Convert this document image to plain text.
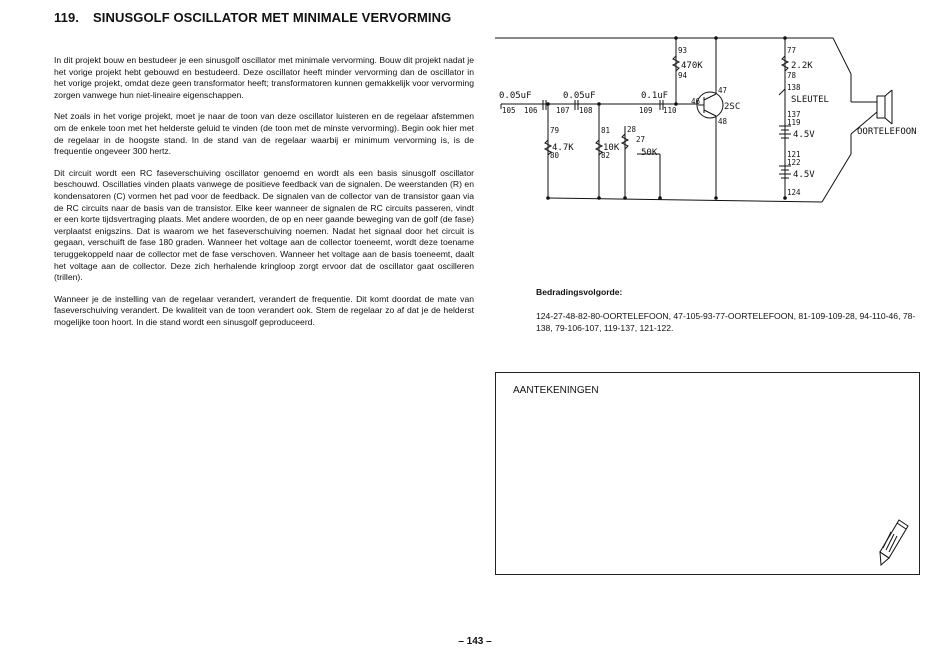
119. SINUSGOLF OSCILLATOR MET MINIMALE VERVORMING

In dit projekt bouw en bestudeer je een sinusgolf oscillator met minimale vervorming. Bouw dit projekt nadat je het vorige projekt hebt gebouwd en bestudeerd. Deze oscillator heeft minder vervorming dan de oscillator in het vorige projekt, omdat deze geen transformator heeft; transformatoren kunnen gemakkelijk voor vervorming zorgen vanwege hun niet-lineaire eigenschappen.

Net zoals in het vorige projekt, moet je naar de toon van deze oscillator luisteren en de regelaar afstemmen om de enkele toon met het helderste geluid te vinden (de toon met de minste vervorming). Begin ook hier met de regelaar in de hoogste stand. In de stand van de regelaar waarbij er minimum vervorming is, is de frequentie ongeveer 300 hertz.

Dit circuit wordt een RC faseverschuiving oscillator genoemd en wordt als een basis sinusgolf oscillator beschouwd. Oscillaties vinden plaats vanwege de positieve feedback van de signalen. De weerstanden (R) en kondensatoren (C) vormen het pad voor de feedback. De signalen van de collector van de transistor gaan via de RC circuits naar de basis van de transistor. Elke keer wanneer de signalen de RC circuits passeren, vindt er een korte tijdsvertraging plaats. Met andere woorden, de op en neer gaande beweging van de golf (de fase) verplaatst enigszins. Dat is waarom we het faseverschuiving noemen. Nadat het signaal door het circuit is gegaan, verschuift de fase 180 graden. Wanneer het voltage aan de collector toeneemt, wordt deze toename teruggekoppeld naar de collector met de fase verschoven. Wanneer het voltage aan de basis toeneemt, daalt het voltage aan de collector. Deze zich herhalende kringloop zorgt ervoor dat de oscillator gaat oscilleren (trillen).

Wanneer je de instelling van de regelaar verandert, verandert de frequentie. Dit komt doordat de mate van faseverschuiving verandert. De kwaliteit van de toon verandert ook. Stem de regelaar zo af dat je de helderst mogelijke toon hoort. In die stand wordt een sinusgolf geproduceerd.

0.05uF	0.05uF	0.1uF
470K	2.2K
4.7K	10K 50K
2SC
SLEUTEL
4.5V
4.5V
OORTELEFOON
93
94
77
78
138
137
119
121
122
124
105 106 107 108	109 110
46
47
48
79
80
81
82
28
27
Bedradingsvolgorde:
124-27-48-82-80-OORTELEFOON, 47-105-93-77-OORTELEFOON, 81-109-109-28, 94-110-46, 78-138, 79-106-107, 119-137, 121-122.
AANTEKENINGEN
– 143 –
